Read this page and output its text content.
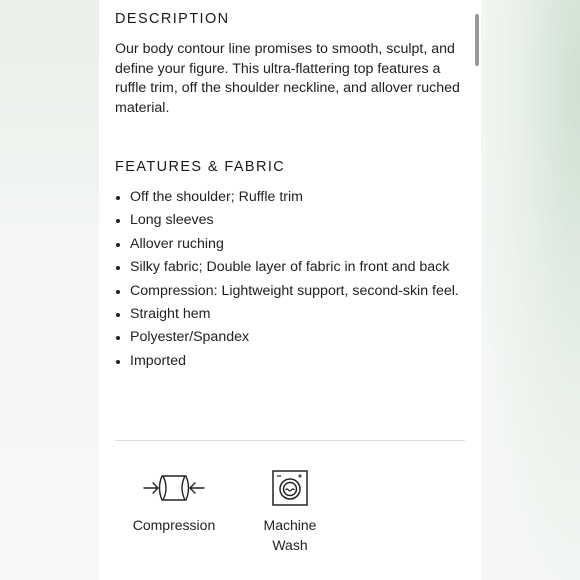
DESCRIPTION

Our body contour line promises to smooth, sculpt, and define your figure. This ultra-flattering top features a ruffle trim, off the shoulder neckline, and allover ruched material.

FEATURES & FABRIC
Off the shoulder; Ruffle trim
Long sleeves
Allover ruching
Silky fabric; Double layer of fabric in front and back
Compression: Lightweight support, second-skin feel.
Straight hem
Polyester/Spandex
Imported
Compression	Machine Wash
